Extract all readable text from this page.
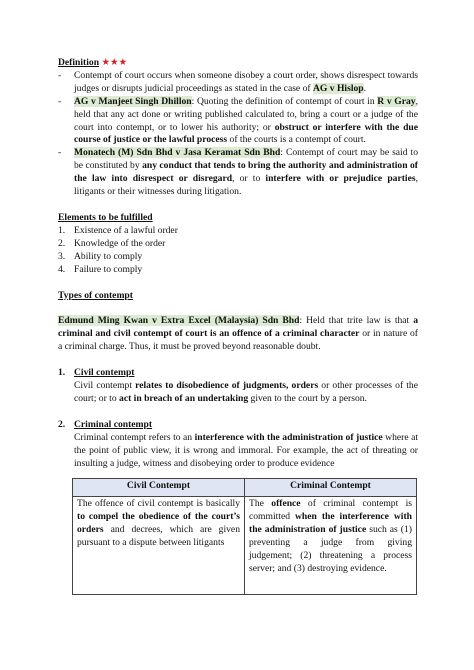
Definition ★★★

-	Contempt of court occurs when someone disobey a court order, shows disrespect towards judges or disrupts judicial proceedings as stated in the case of AG v Hislop.
-	AG v Manjeet Singh Dhillon: Quoting the definition of contempt of court in R v Gray, held that any act done or writing published calculated to, bring a court or a judge of the court into contempt, or to lower his authority; or obstruct or interfere with the due course of justice or the lawful process of the courts is a contempt of court.
-	Monatech (M) Sdn Bhd v Jasa Keramat Sdn Bhd: Contempt of court may be said to be constituted by any conduct that tends to bring the authority and administration of the law into disrespect or disregard, or to interfere with or prejudice parties, litigants or their witnesses during litigation.

Elements to be fulfilled

1. Existence of a lawful order
2. Knowledge of the order
3. Ability to comply
4. Failure to comply

Types of contempt

Edmund Ming Kwan v Extra Excel (Malaysia) Sdn Bhd: Held that trite law is that a criminal and civil contempt of court is an offence of a criminal character or in nature of a criminal charge. Thus, it must be proved beyond reasonable doubt.

1. Civil contempt

Civil contempt relates to disobedience of judgments, orders or other processes of the court; or to act in breach of an undertaking given to the court by a person.

2. Criminal contempt

Criminal contempt refers to an interference with the administration of justice where at the point of public view, it is wrong and immoral. For example, the act of threating or insulting a judge, witness and disobeying order to produce evidence

Civil Contempt	Criminal Contempt
The offence of civil contempt is basically to compel the obedience of the court’s orders and decrees, which are given pursuant to a dispute between litigants	The offence of criminal contempt is committed when the interference with the administration of justice such as (1) preventing a judge from giving judgement; (2) threatening a process server; and (3) destroying evidence.
